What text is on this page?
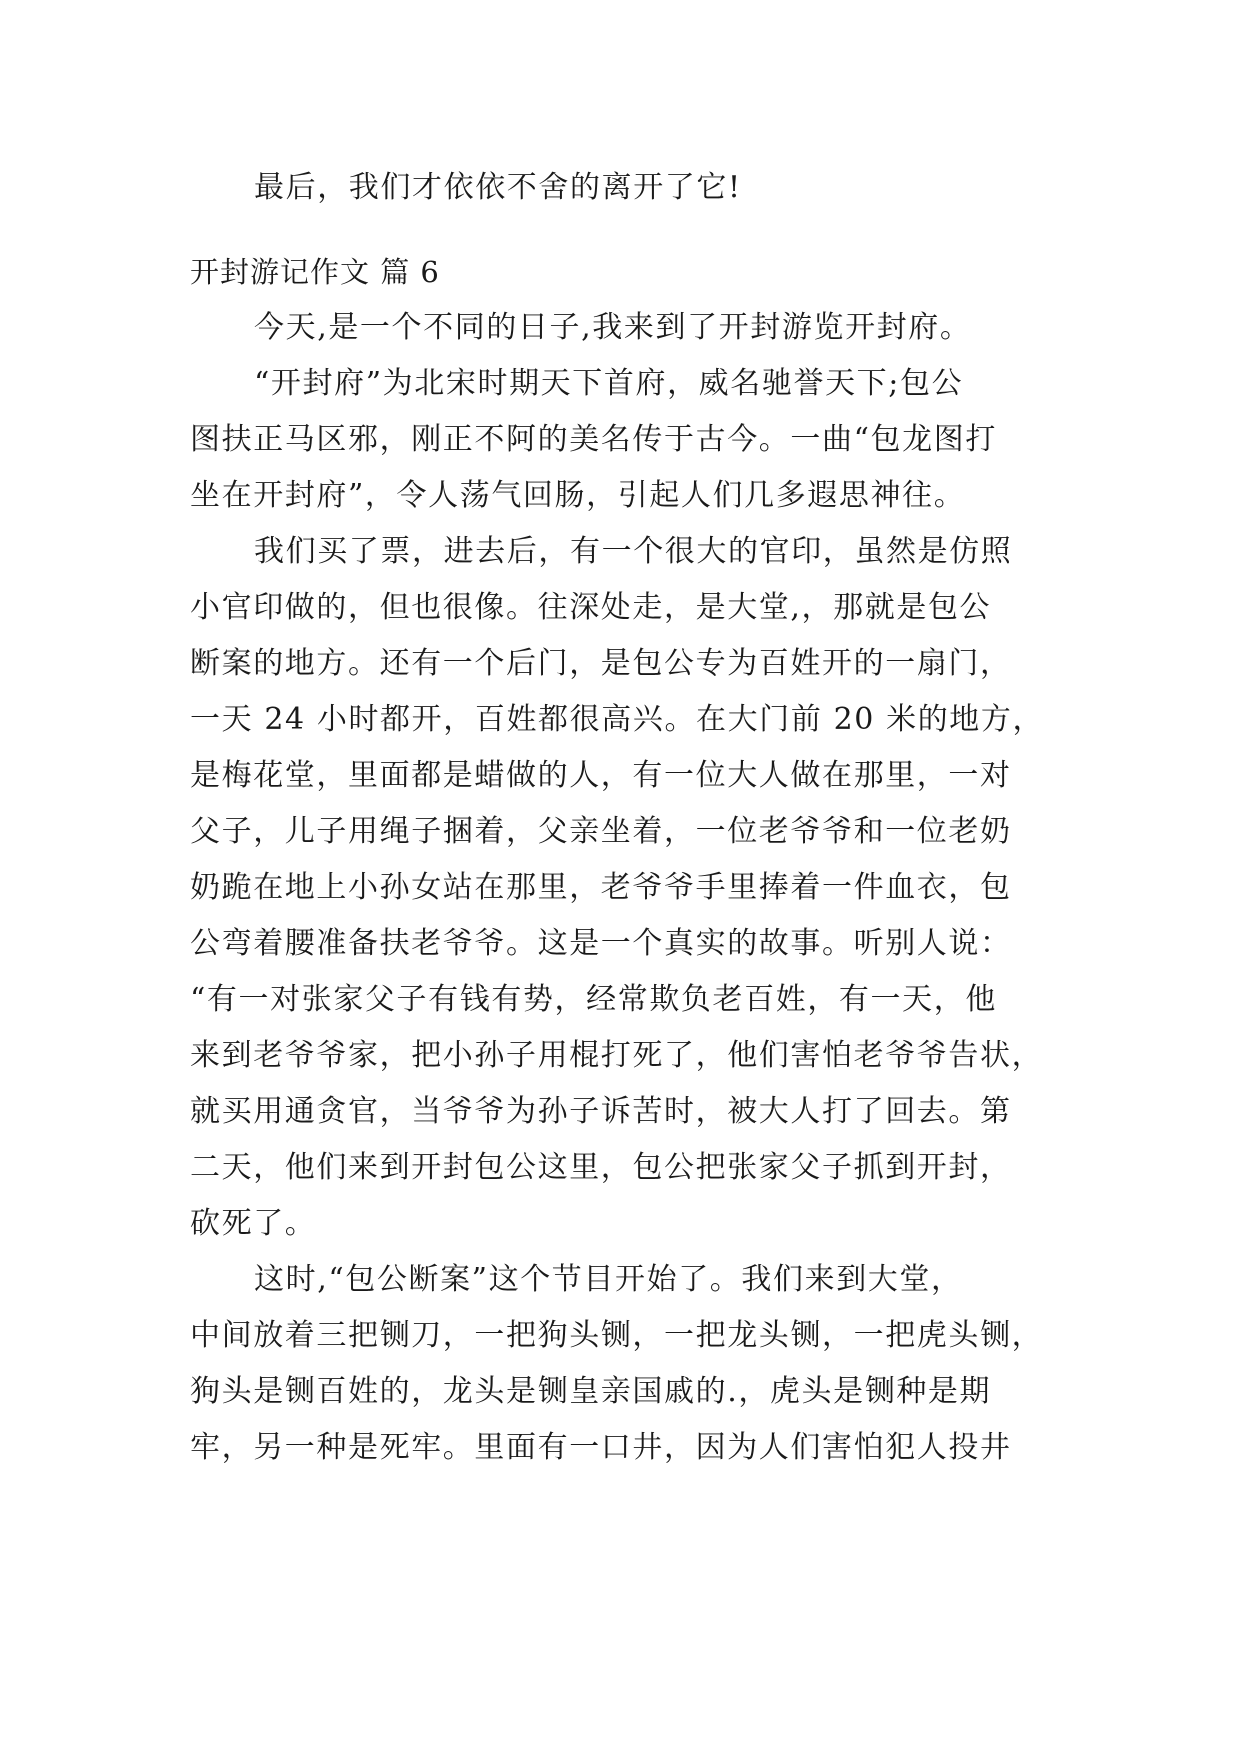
最后，我们才依依不舍的离开了它!
开封游记作文 篇 6
今天,是一个不同的日子,我来到了开封游览开封府。
“开封府”为北宋时期天下首府，威名驰誉天下;包公
图扶正马区邪，刚正不阿的美名传于古今。一曲“包龙图打
坐在开封府”，令人荡气回肠，引起人们几多遐思神往。
我们买了票，进去后，有一个很大的官印，虽然是仿照
小官印做的，但也很像。往深处走，是大堂,，那就是包公
断案的地方。还有一个后门，是包公专为百姓开的一扇门，
一天 24 小时都开，百姓都很高兴。在大门前 20 米的地方，
是梅花堂，里面都是蜡做的人，有一位大人做在那里，一对
父子，儿子用绳子捆着，父亲坐着，一位老爷爷和一位老奶
奶跪在地上小孙女站在那里，老爷爷手里捧着一件血衣，包
公弯着腰准备扶老爷爷。这是一个真实的故事。听别人说：
“有一对张家父子有钱有势，经常欺负老百姓，有一天，他
来到老爷爷家，把小孙子用棍打死了，他们害怕老爷爷告状，
就买用通贪官，当爷爷为孙子诉苦时，被大人打了回去。第
二天，他们来到开封包公这里，包公把张家父子抓到开封，
砍死了。
这时,“包公断案”这个节目开始了。我们来到大堂，
中间放着三把铡刀，一把狗头铡，一把龙头铡，一把虎头铡，
狗头是铡百姓的，龙头是铡皇亲国戚的.，虎头是铡种是期
牢，另一种是死牢。里面有一口井，因为人们害怕犯人投井
